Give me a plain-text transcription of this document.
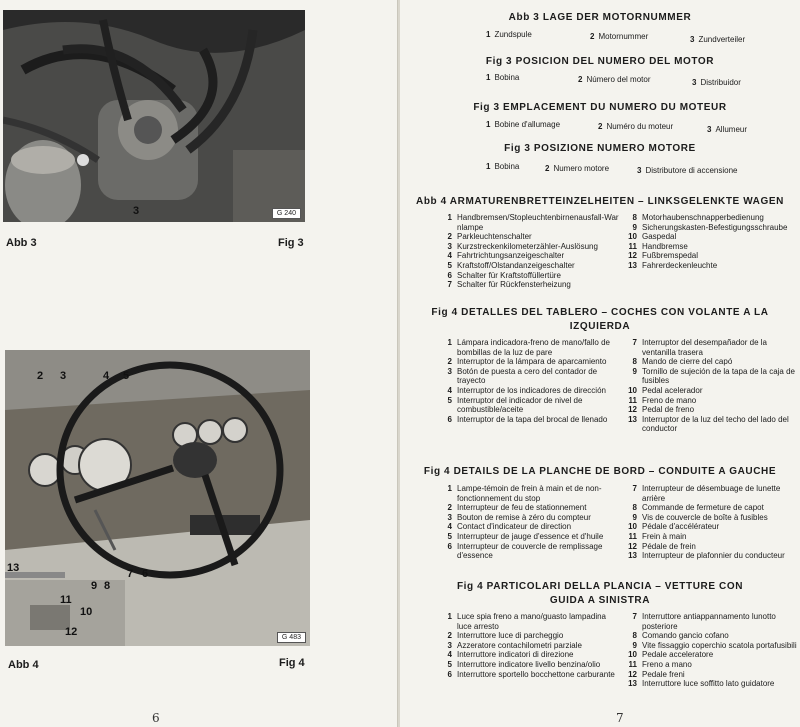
3	G 240
Abb 3	Fig 3
2 3	4 5
13
9 8
7 6
11
10
12	G 483
Abb 4	Fig 4
6
Abb 3 LAGE DER MOTORNUMMER
1 Zundspule	2 Motornummer	3 Zundverteiler
Fig 3 POSICION DEL NUMERO DEL MOTOR
1 Bobina	2 Número del motor	3 Distribuidor
Fig 3 EMPLACEMENT DU NUMERO DU MOTEUR
1 Bobine d'allumage	2 Numéro du moteur	3 Allumeur
Fig 3 POSIZIONE NUMERO MOTORE
1 Bobina	2 Numero motore	3 Distributore di accensione
Abb 4 ARMATURENBRETTEINZELHEITEN – LINKSGELENKTE WAGEN
1 Handbremsen/Stopleuchtenbirnenausfall-Warnlampe
2 Parkleuchtenschalter
3 Kurzstreckenkilometerzähler-Auslösung
4 Fahrtrichtungsanzeigeschalter
5 Kraftstoff/Olstandanzeigeschalter
6 Schalter für Kraftstoffüllertüre
7 Schalter für Rückfensterheizung
8 Motorhaubenschnapperbedienung
9 Sicherungskasten-Befestigungsschraube
10 Gaspedal
11 Handbremse
12 Fußbremspedal
13 Fahrerdeckenleuchte
Fig 4 DETALLES DEL TABLERO – COCHES CON VOLANTE A LA
IZQUIERDA
1 Lámpara indicadora-freno de mano/fallo de bombillas de la luz de pare
2 Interruptor de la lámpara de aparcamiento
3 Botón de puesta a cero del contador de trayecto
4 Interruptor de los indicadores de dirección
5 Interruptor del indicador de nivel de combustible/aceite
6 Interruptor de la tapa del brocal de llenado
7 Interruptor del desempañador de la ventanilla trasera
8 Mando de cierre del capó
9 Tornillo de sujeción de la tapa de la caja de fusibles
10 Pedal acelerador
11 Freno de mano
12 Pedal de freno
13 Interruptor de la luz del techo del lado del conductor
Fig 4 DETAILS DE LA PLANCHE DE BORD – CONDUITE A GAUCHE
1 Lampe-témoin de frein à main et de non-fonctionnement du stop
2 Interrupteur de feu de stationnement
3 Bouton de remise à zéro du compteur
4 Contact d'indicateur de direction
5 Interrupteur de jauge d'essence et d'huile
6 Interrupteur de couvercle de remplissage d'essence
7 Interrupteur de désembuage de lunette arrière
8 Commande de fermeture de capot
9 Vis de couvercle de boîte à fusibles
10 Pédale d'accélérateur
11 Frein à main
12 Pédale de frein
13 Interrupteur de plafonnier du conducteur
Fig 4 PARTICOLARI DELLA PLANCIA – VETTURE CON
GUIDA A SINISTRA
1 Luce spia freno a mano/guasto lampadina luce arresto
2 Interruttore luce di parcheggio
3 Azzeratore contachilometri parziale
4 Interruttore indicatori di direzione
5 Interruttore indicatore livello benzina/olio
6 Interruttore sportello bocchettone carburante
7 Interruttore antiappannamento lunotto posteriore
8 Comando gancio cofano
9 Vite fissaggio coperchio scatola portafusibili
10 Pedale acceleratore
11 Freno a mano
12 Pedale freni
13 Interruttore luce soffitto lato guidatore
7
